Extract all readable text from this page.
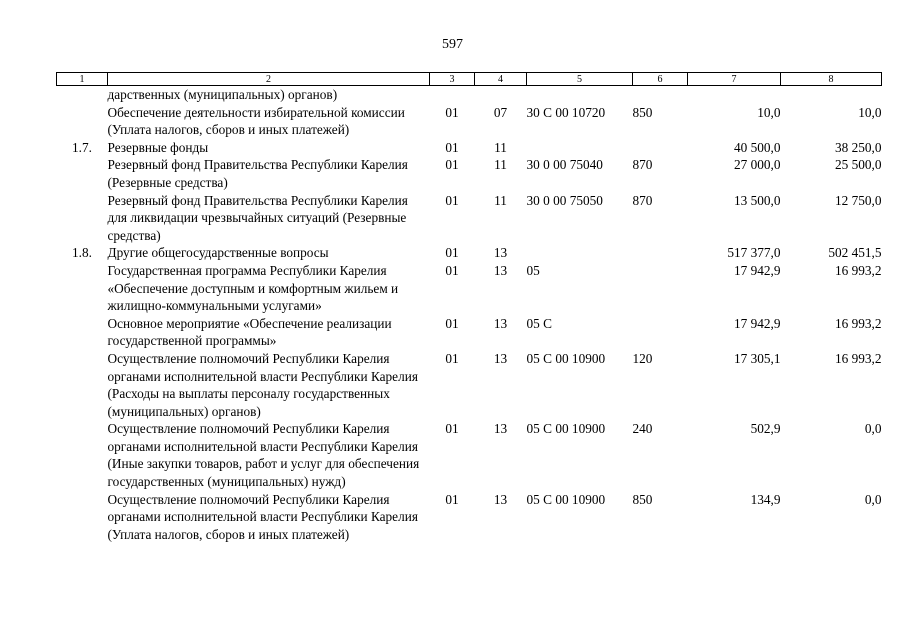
597
1	2	3	4	5	6	7	8
	дарственных (муниципальных) органов)						
	Обеспечение деятельности избирательной комиссии (Уплата налогов, сборов и иных платежей)	01	07	30 С 00 10720	850	10,0	10,0
1.7.	Резервные фонды	01	11			40 500,0	38 250,0
	Резервный фонд Правительства Республики Карелия (Резервные средства)	01	11	30 0 00 75040	870	27 000,0	25 500,0
	Резервный фонд Правительства Республики Карелия для ликвидации чрезвычайных ситуаций (Резервные средства)	01	11	30 0 00 75050	870	13 500,0	12 750,0
1.8.	Другие общегосударственные вопросы	01	13			517 377,0	502 451,5
	Государственная программа Республики Карелия «Обеспечение доступным и комфортным жильем и жилищно-коммунальными услугами»	01	13	05		17 942,9	16 993,2
	Основное мероприятие «Обеспечение реализации государственной программы»	01	13	05 С		17 942,9	16 993,2
	Осуществление полномочий Республики Карелия органами исполнительной власти Республики Карелия (Расходы на выплаты персоналу государственных (муниципальных) органов)	01	13	05 С 00 10900	120	17 305,1	16 993,2
	Осуществление полномочий Республики Карелия органами исполнительной власти Республики Карелия (Иные закупки товаров, работ и услуг для обеспечения государственных (муниципальных) нужд)	01	13	05 С 00 10900	240	502,9	0,0
	Осуществление полномочий Республики Карелия органами исполнительной власти Республики Карелия (Уплата налогов, сборов и иных платежей)	01	13	05 С 00 10900	850	134,9	0,0
